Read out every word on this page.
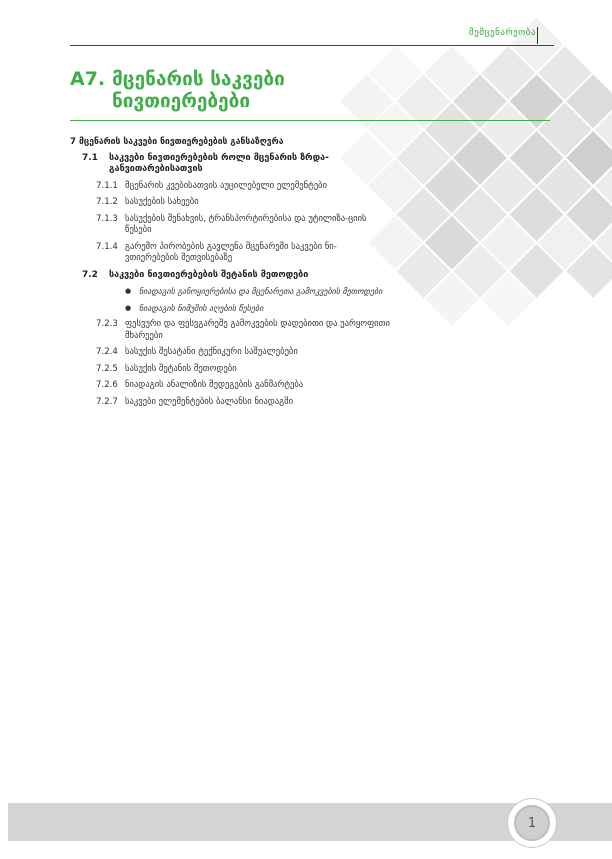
მემცენარეობა
A7. მცენარის საკვები
ნივთიერებები
7 მცენარის საკვები ნივთიერებების განსაზღვრა
7.1	საკვები ნივთიერებების როლი მცენარის ზრდა-განვითარებისათვის
7.1.1 მცენარის კვებისათვის აუცილებელი ელემენტები
7.1.2 სასუქების სახეები
7.1.3 სასუქების შენახვის, ტრანსპორტირებისა და უტილიზა-ციის წესები
7.1.4 გარემო პირობების გავლენა მცენარეში საკვები ნი-ვთიერებების შეთვისებაზე
7.2	საკვები ნივთიერებების შეტანის მეთოდები
● ნიადაგის განოყიერებისა და მცენარეთა გამოკვების მეთოდები
● ნიადაგის ნიმუშის აღების წესები
7.2.3 ფესვური და ფესვგარეშე გამოკვების დადებითი და უარყოფითი მხარეები
7.2.4 სასუქის შესატანი ტექნიკური საშუალებები
7.2.5 სასუქის შეტანის მეთოდები
7.2.6 ნიადაგის ანალიზის შედეგების განმარტება
7.2.7 საკვები ელემენტების ბალანსი ნიადაგში
1
